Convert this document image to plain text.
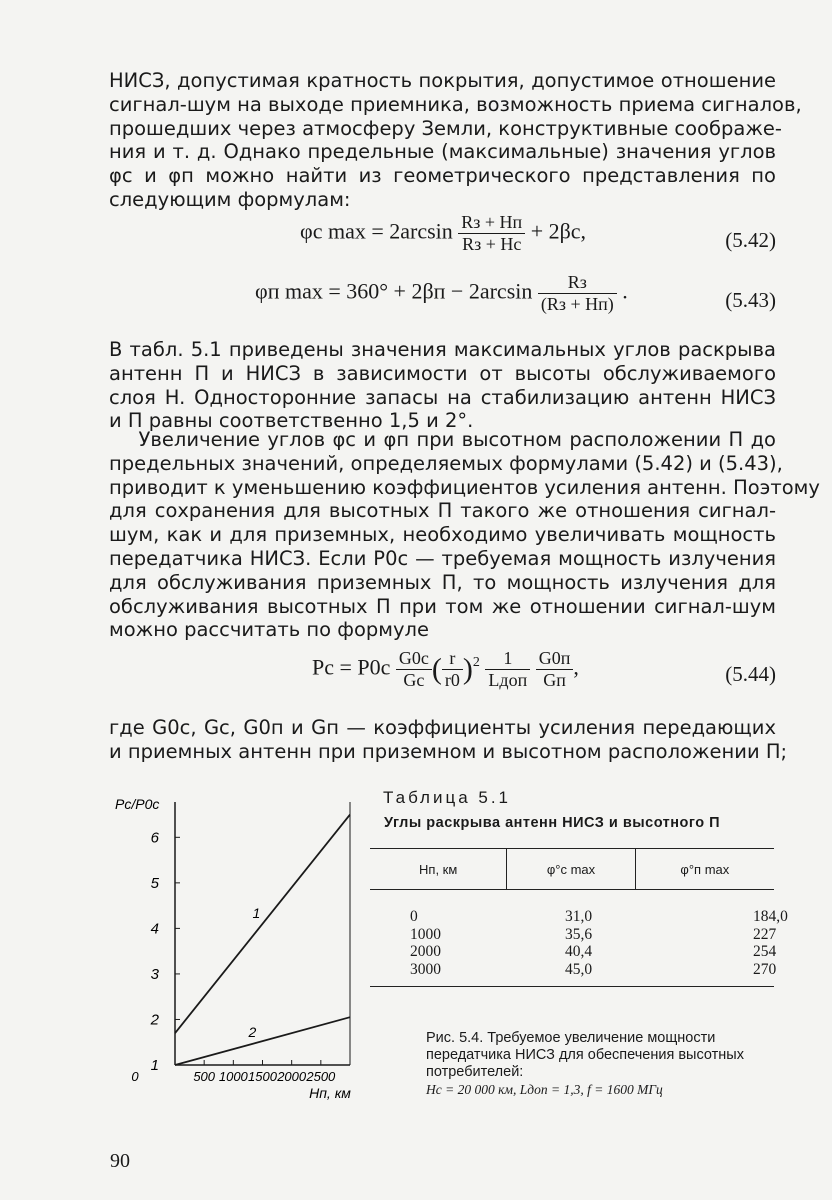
НИСЗ, допустимая кратность покрытия, допустимое отношение
сигнал-шум на выходе приемника, возможность приема сигналов,
прошедших через атмосферу Земли, конструктивные соображе-
ния и т. д. Однако предельные (максимальные) значения углов
φс и φп можно найти из геометрического представления по
следующим формулам:
φс $\max = 2\arcsin \frac{Rз + Hп}{Rз + Hс} + 2\beta с$,	(5.42)
φп $\max = 360^\circ + 2\beta п - 2\arcsin \frac{Rз}{(Rз + Hп)}$ .	(5.43)
В табл. 5.1 приведены значения максимальных углов раскрыва
антенн П и НИСЗ в зависимости от высоты обслуживаемого
слоя H. Односторонние запасы на стабилизацию антенн НИСЗ
и П равны соответственно 1,5 и 2°.
Увеличение углов φс и φп при высотном расположении П до
предельных значений, определяемых формулами (5.42) и (5.43),
приводит к уменьшению коэффициентов усиления антенн. Поэтому
для сохранения для высотных П такого же отношения сигнал-
шум, как и для приземных, необходимо увеличивать мощность
передатчика НИСЗ. Если P0с — требуемая мощность излучения
для обслуживания приземных П, то мощность излучения для
обслуживания высотных П при том же отношении сигнал-шум
можно рассчитать по формуле
Pс = $P0с \frac{G0с}{Gс}$ ( $\frac{r}{r0} )^2 \frac{1}{\text{Lдоп}}$
$\frac{G0п}{Gп}$ ,	(5.44)
где G0с, Gс, G0п и Gп — коэффициенты усиления передающих
и приемных антенн при приземном и высотном расположении П;
1
2
3
4
5
6
0	500 1000 1500 2000 2500
Pс/P0с
Hп, км
1
2
Таблица 5.1
Углы раскрыва антенн НИСЗ и высотного П
Hп, км	φ°с max	φ°п max
0	31,0	184,0
1000	35,6	227
2000	40,4	254
3000	45,0	270
Рис. 5.4. Требуемое увеличение мощности передатчика НИСЗ для обеспечения высотных потребителей:
Hс = 20 000 км, Lдоп = 1,3, f = 1600 МГц
90
